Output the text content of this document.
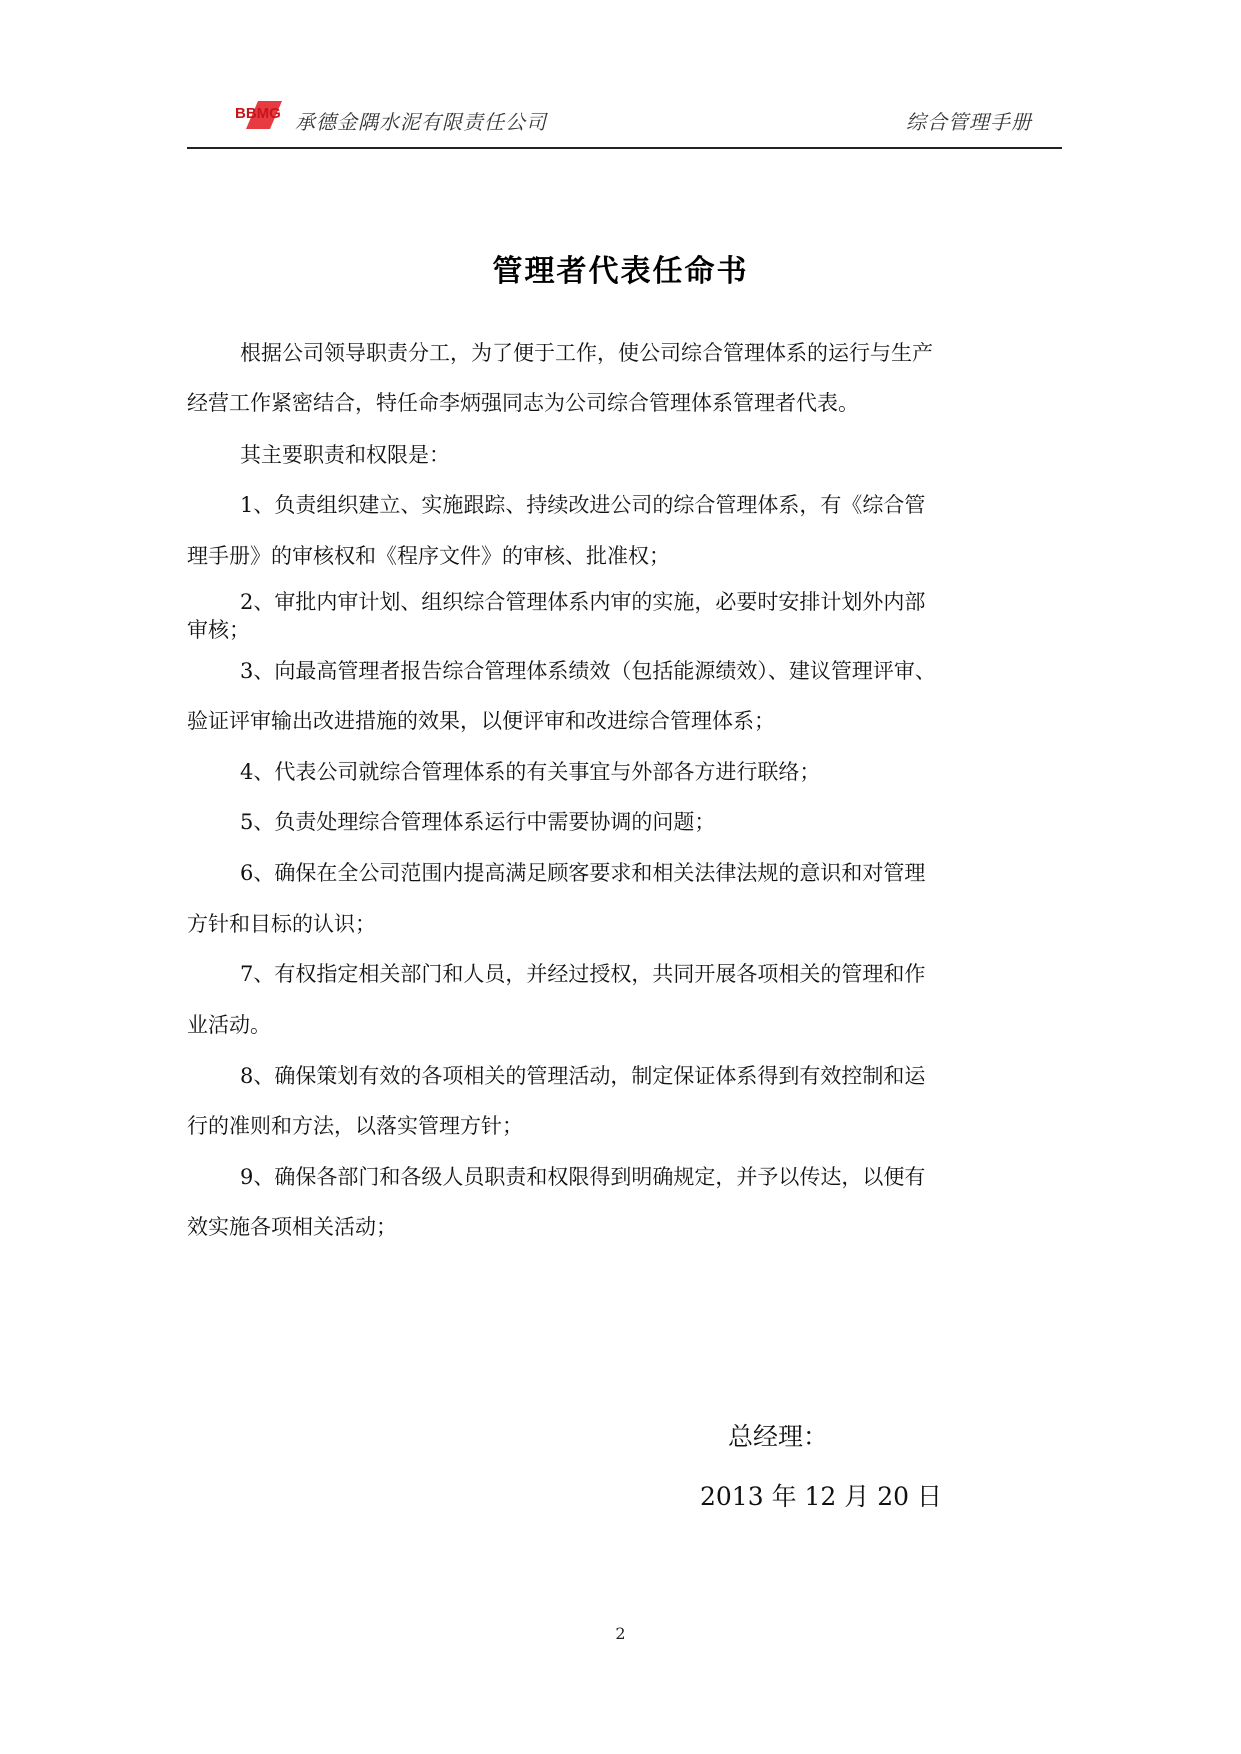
BBMG 承德金隅水泥有限责任公司	综合管理手册
管理者代表任命书
根据公司领导职责分工，为了便于工作，使公司综合管理体系的运行与生产
经营工作紧密结合，特任命李炳强同志为公司综合管理体系管理者代表。
其主要职责和权限是：
1、负责组织建立、实施跟踪、持续改进公司的综合管理体系，有《综合管
理手册》的审核权和《程序文件》的审核、批准权；
2、审批内审计划、组织综合管理体系内审的实施，必要时安排计划外内部
审核；
3、向最高管理者报告综合管理体系绩效（包括能源绩效）、建议管理评审、
验证评审输出改进措施的效果，以便评审和改进综合管理体系；
4、代表公司就综合管理体系的有关事宜与外部各方进行联络；
5、负责处理综合管理体系运行中需要协调的问题；
6、确保在全公司范围内提高满足顾客要求和相关法律法规的意识和对管理
方针和目标的认识；
7、有权指定相关部门和人员，并经过授权，共同开展各项相关的管理和作
业活动。
8、确保策划有效的各项相关的管理活动，制定保证体系得到有效控制和运
行的准则和方法，以落实管理方针；
9、确保各部门和各级人员职责和权限得到明确规定，并予以传达，以便有
效实施各项相关活动；
总经理：
2013 年 12 月 20 日
2
